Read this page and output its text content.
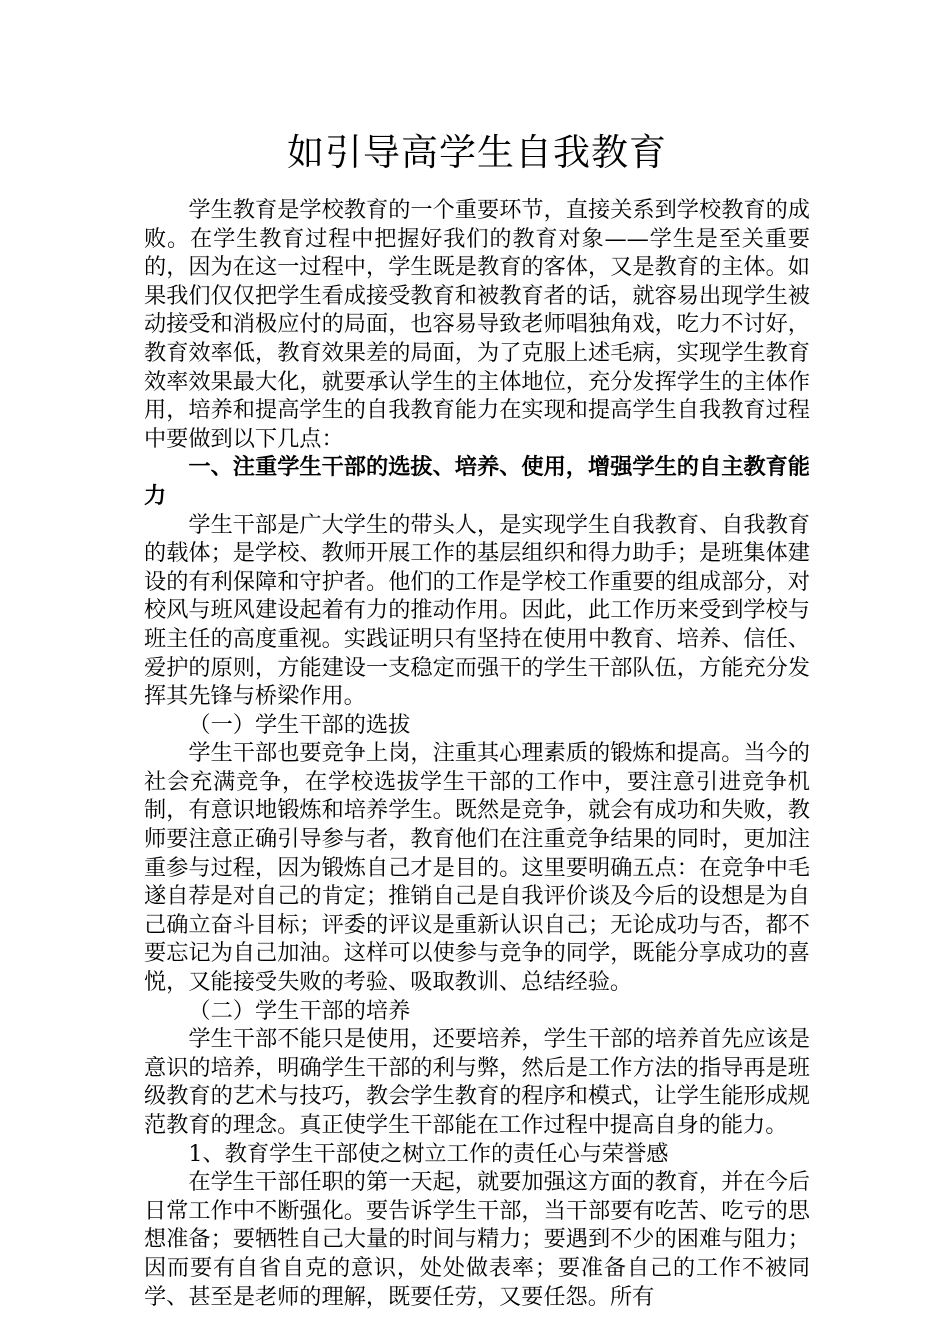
如引导高学生自我教育

学生教育是学校教育的一个重要环节，直接关系到学校教育的成败。在学生教育过程中把握好我们的教育对象——学生是至关重要的，因为在这一过程中，学生既是教育的客体，又是教育的主体。如果我们仅仅把学生看成接受教育和被教育者的话，就容易出现学生被动接受和消极应付的局面，也容易导致老师唱独角戏，吃力不讨好，教育效率低，教育效果差的局面，为了克服上述毛病，实现学生教育效率效果最大化，就要承认学生的主体地位，充分发挥学生的主体作用，培养和提高学生的自我教育能力在实现和提高学生自我教育过程中要做到以下几点：

一、注重学生干部的选拔、培养、使用，增强学生的自主教育能力

学生干部是广大学生的带头人，是实现学生自我教育、自我教育的载体；是学校、教师开展工作的基层组织和得力助手；是班集体建设的有利保障和守护者。他们的工作是学校工作重要的组成部分，对校风与班风建设起着有力的推动作用。因此，此工作历来受到学校与班主任的高度重视。实践证明只有坚持在使用中教育、培养、信任、爱护的原则，方能建设一支稳定而强干的学生干部队伍，方能充分发挥其先锋与桥梁作用。

（一）学生干部的选拔

学生干部也要竞争上岗，注重其心理素质的锻炼和提高。当今的社会充满竞争，在学校选拔学生干部的工作中，要注意引进竞争机制，有意识地锻炼和培养学生。既然是竞争，就会有成功和失败，教师要注意正确引导参与者，教育他们在注重竞争结果的同时，更加注重参与过程，因为锻炼自己才是目的。这里要明确五点：在竞争中毛遂自荐是对自己的肯定；推销自己是自我评价谈及今后的设想是为自己确立奋斗目标；评委的评议是重新认识自己；无论成功与否，都不要忘记为自己加油。这样可以使参与竞争的同学，既能分享成功的喜悦，又能接受失败的考验、吸取教训、总结经验。

（二）学生干部的培养

学生干部不能只是使用，还要培养，学生干部的培养首先应该是意识的培养，明确学生干部的利与弊，然后是工作方法的指导再是班级教育的艺术与技巧，教会学生教育的程序和模式，让学生能形成规范教育的理念。真正使学生干部能在工作过程中提高自身的能力。

1、教育学生干部使之树立工作的责任心与荣誉感

在学生干部任职的第一天起，就要加强这方面的教育，并在今后日常工作中不断强化。要告诉学生干部，当干部要有吃苦、吃亏的思想准备；要牺牲自己大量的时间与精力；要遇到不少的困难与阻力；因而要有自省自克的意识，处处做表率；要准备自己的工作不被同学、甚至是老师的理解，既要任劳，又要任怨。所有
